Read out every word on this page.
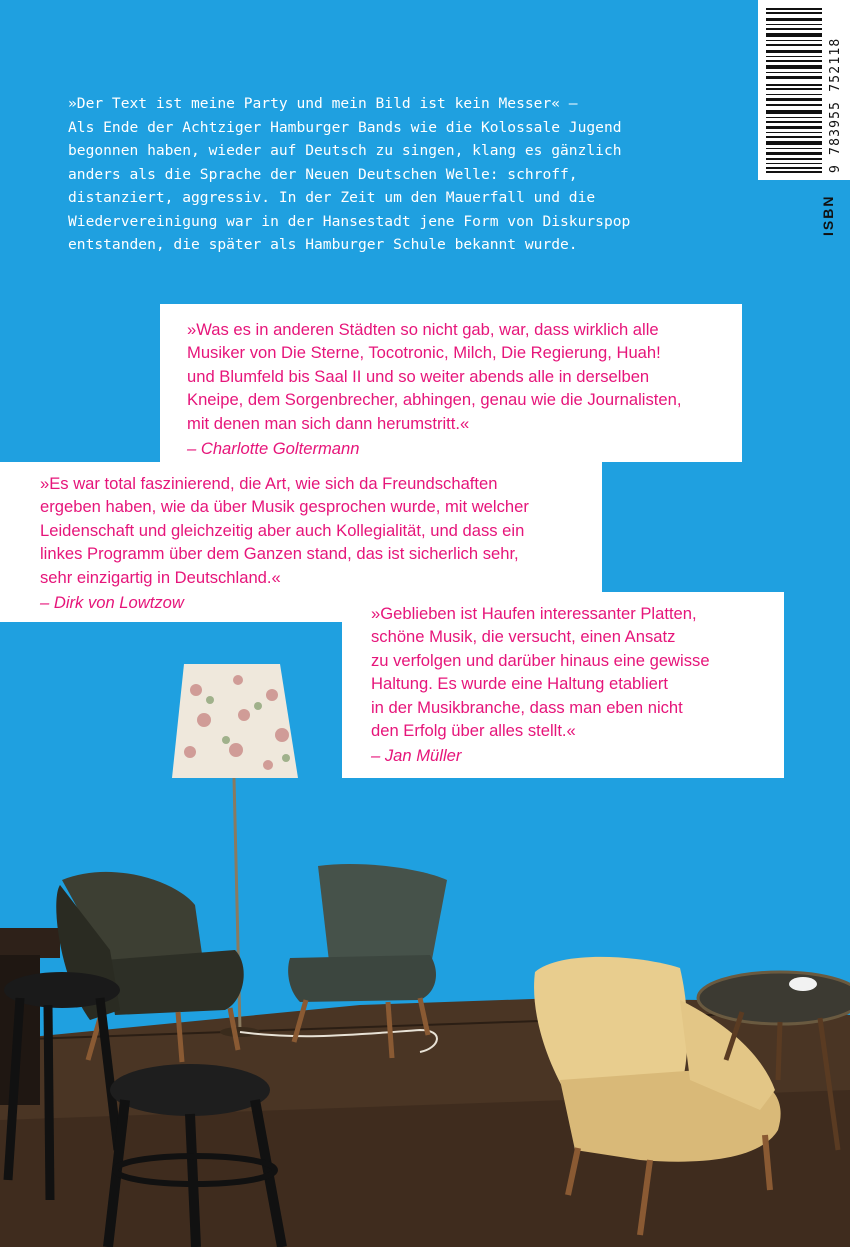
9 783955 752118
ISBN
»Der Text ist meine Party und mein Bild ist kein Messer« –
Als Ende der Achtziger Hamburger Bands wie die Kolossale Jugend
begonnen haben, wieder auf Deutsch zu singen, klang es gänzlich
anders als die Sprache der Neuen Deutschen Welle: schroff,
distanziert, aggressiv. In der Zeit um den Mauerfall und die
Wiedervereinigung war in der Hansestadt jene Form von Diskurspop
entstanden, die später als Hamburger Schule bekannt wurde.
»Was es in anderen Städten so nicht gab, war, dass wirklich alle
Musiker von Die Sterne, Tocotronic, Milch, Die Regierung, Huah!
und Blumfeld bis Saal II und so weiter abends alle in derselben
Kneipe, dem Sorgenbrecher, abhingen, genau wie die Journalisten,
mit denen man sich dann herumstritt.«
– Charlotte Goltermann
»Es war total faszinierend, die Art, wie sich da Freundschaften
ergeben haben, wie da über Musik gesprochen wurde, mit welcher
Leidenschaft und gleichzeitig aber auch Kollegialität, und dass ein
linkes Programm über dem Ganzen stand, das ist sicherlich sehr,
sehr einzigartig in Deutschland.«
– Dirk von Lowtzow
»Geblieben ist Haufen interessanter Platten,
schöne Musik, die versucht, einen Ansatz
zu verfolgen und darüber hinaus eine gewisse
Haltung. Es wurde eine Haltung etabliert
in der Musikbranche, dass man eben nicht
den Erfolg über alles stellt.«
– Jan Müller
